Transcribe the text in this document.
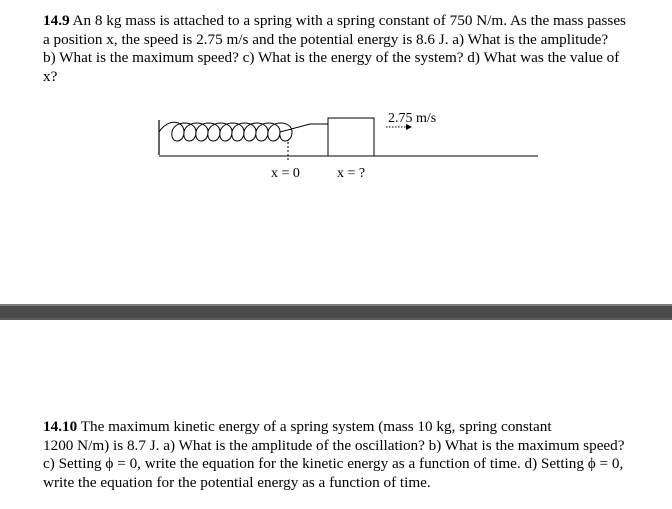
14.9 An 8 kg mass is attached to a spring with a spring constant of 750 N/m. As the mass passes

a position x, the speed is 2.75 m/s and the potential energy is 8.6 J. a) What is the amplitude?

b) What is the maximum speed? c) What is the energy of the system? d) What was the value of

x?

2.75 m/s
x = 0	x = ?

14.10 The maximum kinetic energy of a spring system (mass 10 kg, spring constant

1200 N/m) is 8.7 J. a) What is the amplitude of the oscillation? b) What is the maximum speed?

c) Setting ϕ = 0, write the equation for the kinetic energy as a function of time. d) Setting ϕ = 0,

write the equation for the potential energy as a function of time.
